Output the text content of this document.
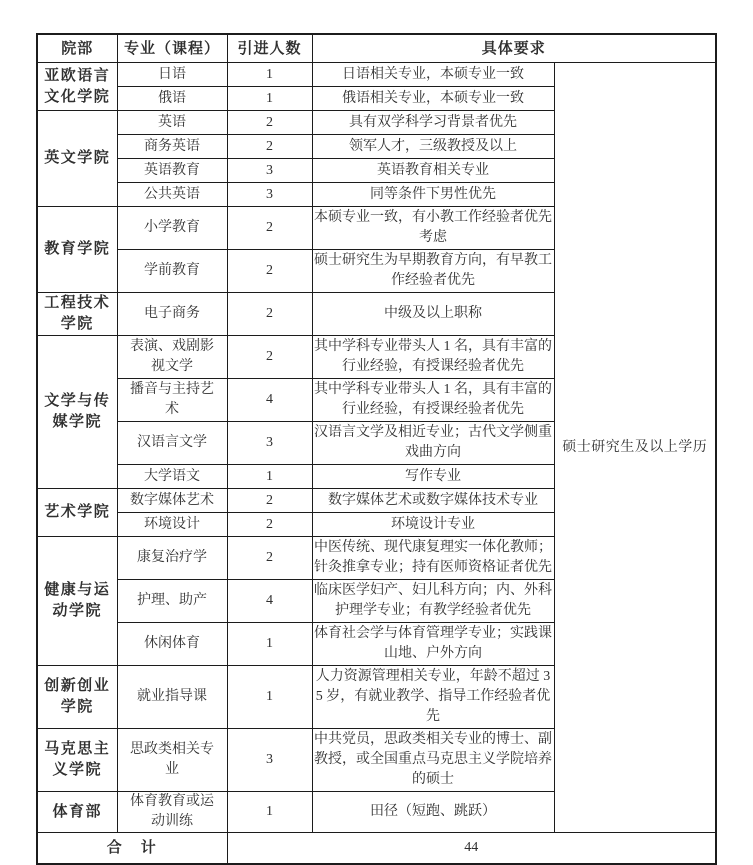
院部	专业（课程）	引进人数	具体要求	
亚欧语言文化学院	日语	1	日语相关专业，本硕专业一致	硕士研究生及以上学历
	俄语	1	俄语相关专业，本硕专业一致	
英文学院	英语	2	具有双学科学习背景者优先	
	商务英语	2	领军人才，三级教授及以上	
	英语教育	3	英语教育相关专业	
	公共英语	3	同等条件下男性优先	
教育学院	小学教育	2	本硕专业一致，有小教工作经验者优先考虑	
	学前教育	2	硕士研究生为早期教育方向，有早教工作经验者优先	
工程技术学院	电子商务	2	中级及以上职称	
文学与传媒学院	表演、戏剧影视文学	2	其中学科专业带头人 1 名，具有丰富的行业经验，有授课经验者优先	
	播音与主持艺术	4	其中学科专业带头人 1 名，具有丰富的行业经验，有授课经验者优先	
	汉语言文学	3	汉语言文学及相近专业；古代文学侧重戏曲方向	
	大学语文	1	写作专业	
艺术学院	数字媒体艺术	2	数字媒体艺术或数字媒体技术专业	
	环境设计	2	环境设计专业	
健康与运动学院	康复治疗学	2	中医传统、现代康复理实一体化教师；针灸推拿专业；持有医师资格证者优先	
	护理、助产	4	临床医学妇产、妇儿科方向；内、外科护理学专业；有教学经验者优先	
	休闲体育	1	体育社会学与体育管理学专业；实践课山地、户外方向	
创新创业学院	就业指导课	1	人力资源管理相关专业，年龄不超过 35 岁，有就业教学、指导工作经验者优先	
马克思主义学院	思政类相关专业	3	中共党员，思政类相关专业的博士、副教授，或全国重点马克思主义学院培养的硕士	
体育部	体育教育或运动训练	1	田径（短跑、跳跃）	
合　计		44		
